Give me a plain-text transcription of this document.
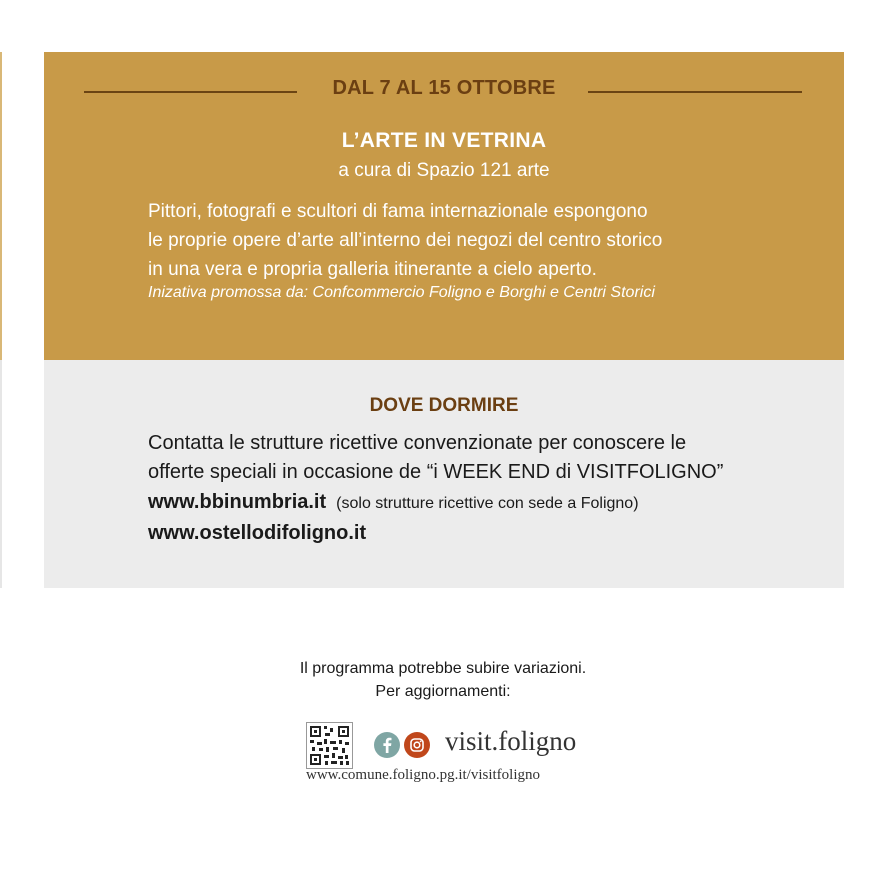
DAL 7 AL 15 OTTOBRE
L’ARTE IN VETRINA
a cura di Spazio 121 arte
Pittori, fotografi e scultori di fama internazionale espongono
le proprie opere d’arte all’interno dei negozi del centro storico
in una vera e propria galleria itinerante a cielo aperto.
Inizativa promossa da: Confcommercio Foligno e Borghi e Centri Storici
DOVE DORMIRE
Contatta le strutture ricettive convenzionate per conoscere le
offerte speciali in occasione de “i WEEK END di VISITFOLIGNO”
www.bbinumbria.it (solo strutture ricettive con sede a Foligno)
www.ostellodifoligno.it
Il programma potrebbe subire variazioni.
Per aggiornamenti:
visit.foligno
www.comune.foligno.pg.it/visitfoligno
